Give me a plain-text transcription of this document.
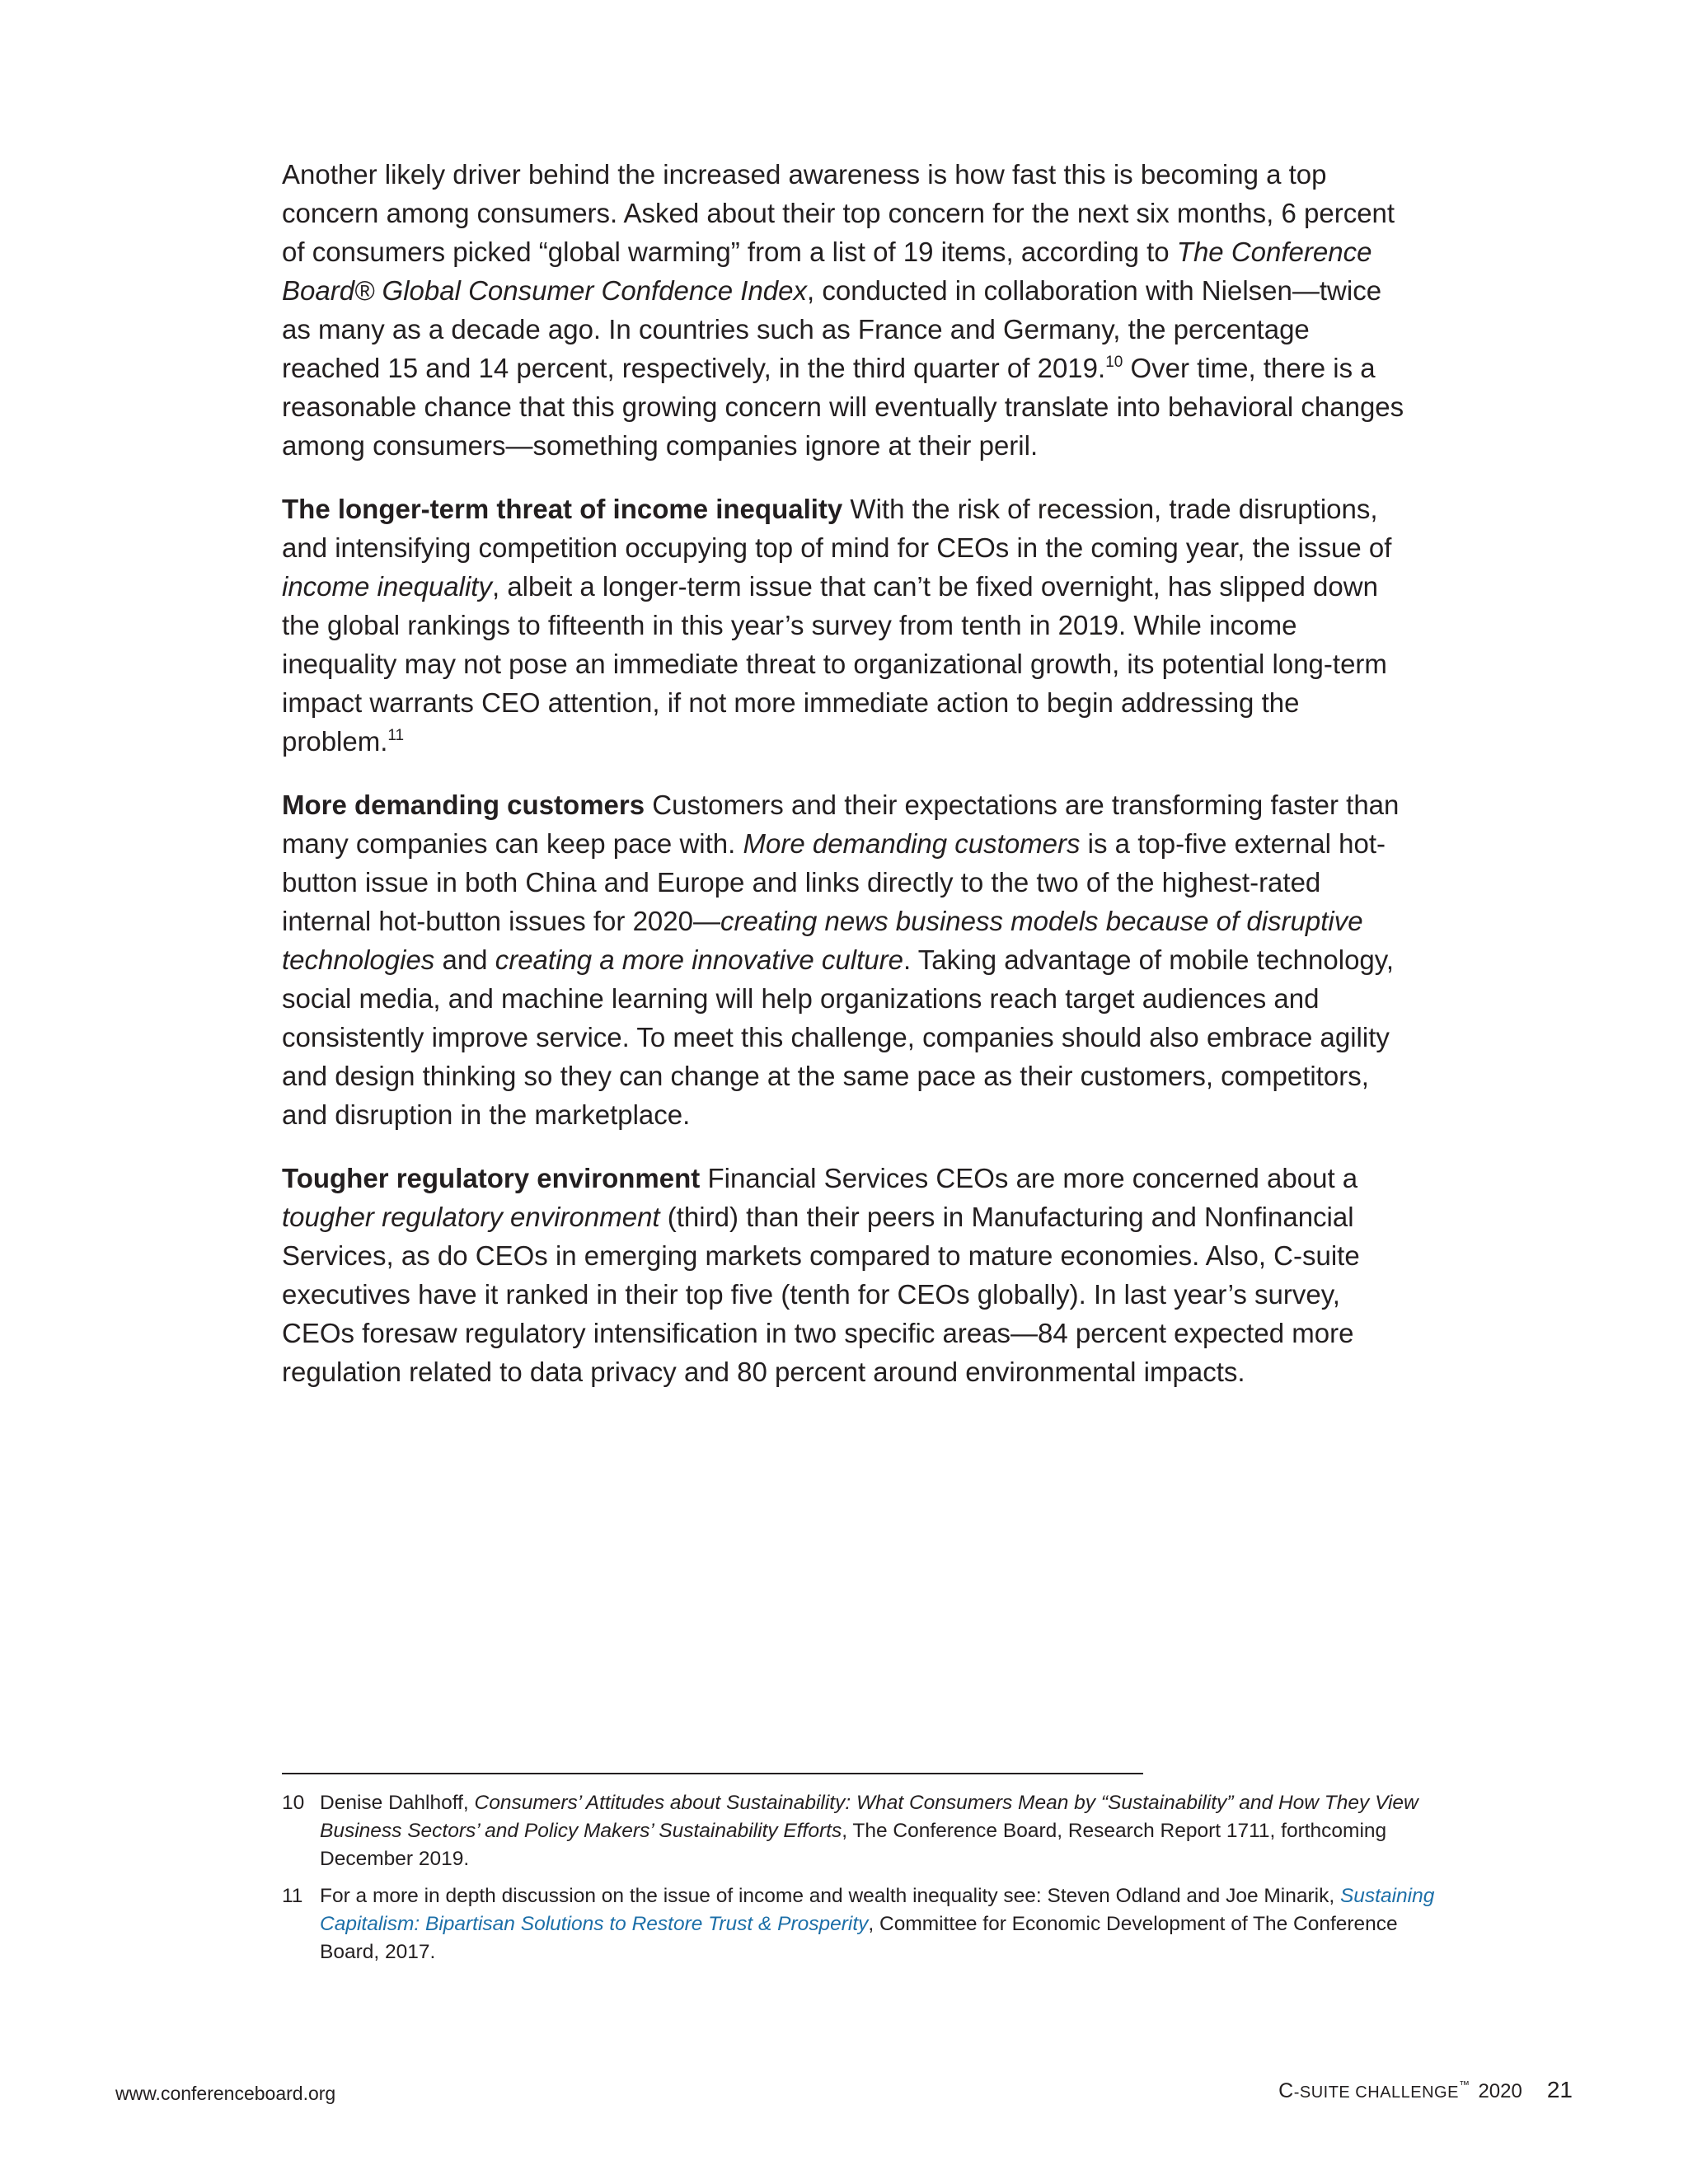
Another likely driver behind the increased awareness is how fast this is becoming a top concern among consumers. Asked about their top concern for the next six months, 6 percent of consumers picked “global warming” from a list of 19 items, according to The Conference Board® Global Consumer Confdence Index, conducted in collaboration with Nielsen—twice as many as a decade ago. In countries such as France and Germany, the percentage reached 15 and 14 percent, respectively, in the third quarter of 2019.10 Over time, there is a reasonable chance that this growing concern will eventually translate into behavioral changes among consumers—something companies ignore at their peril.

The longer-term threat of income inequality With the risk of recession, trade disruptions, and intensifying competition occupying top of mind for CEOs in the coming year, the issue of income inequality, albeit a longer-term issue that can’t be fixed overnight, has slipped down the global rankings to fifteenth in this year’s survey from tenth in 2019. While income inequality may not pose an immediate threat to organizational growth, its potential long-term impact warrants CEO attention, if not more immediate action to begin addressing the problem.$^{11}$

More demanding customers Customers and their expectations are transforming faster than many companies can keep pace with. More demanding customers is a top-five external hot-button issue in both China and Europe and links directly to the two of the highest-rated internal hot-button issues for 2020—creating news business models because of disruptive technologies and creating a more innovative culture. Taking advantage of mobile technology, social media, and machine learning will help organizations reach target audiences and consistently improve service. To meet this challenge, companies should also embrace agility and design thinking so they can change at the same pace as their customers, competitors, and disruption in the marketplace.

Tougher regulatory environment Financial Services CEOs are more concerned about a tougher regulatory environment (third) than their peers in Manufacturing and Nonfinancial Services, as do CEOs in emerging markets compared to mature economies. Also, C-suite executives have it ranked in their top five (tenth for CEOs globally). In last year’s survey, CEOs foresaw regulatory intensification in two specific areas—84 percent expected more regulation related to data privacy and 80 percent around environmental impacts.

10 Denise Dahlhoff, Consumers’ Attitudes about Sustainability: What Consumers Mean by “Sustainability” and How They View Business Sectors’ and Policy Makers’ Sustainability Efforts, The Conference Board, Research Report 1711, forthcoming December 2019.
11 For a more in depth discussion on the issue of income and wealth inequality see: Steven Odland and Joe Minarik, Sustaining Capitalism: Bipartisan Solutions to Restore Trust & Prosperity, Committee for Economic Development of The Conference Board, 2017.
www.conferenceboard.org	C-SUITE CHALLENGE™ 2020 21
